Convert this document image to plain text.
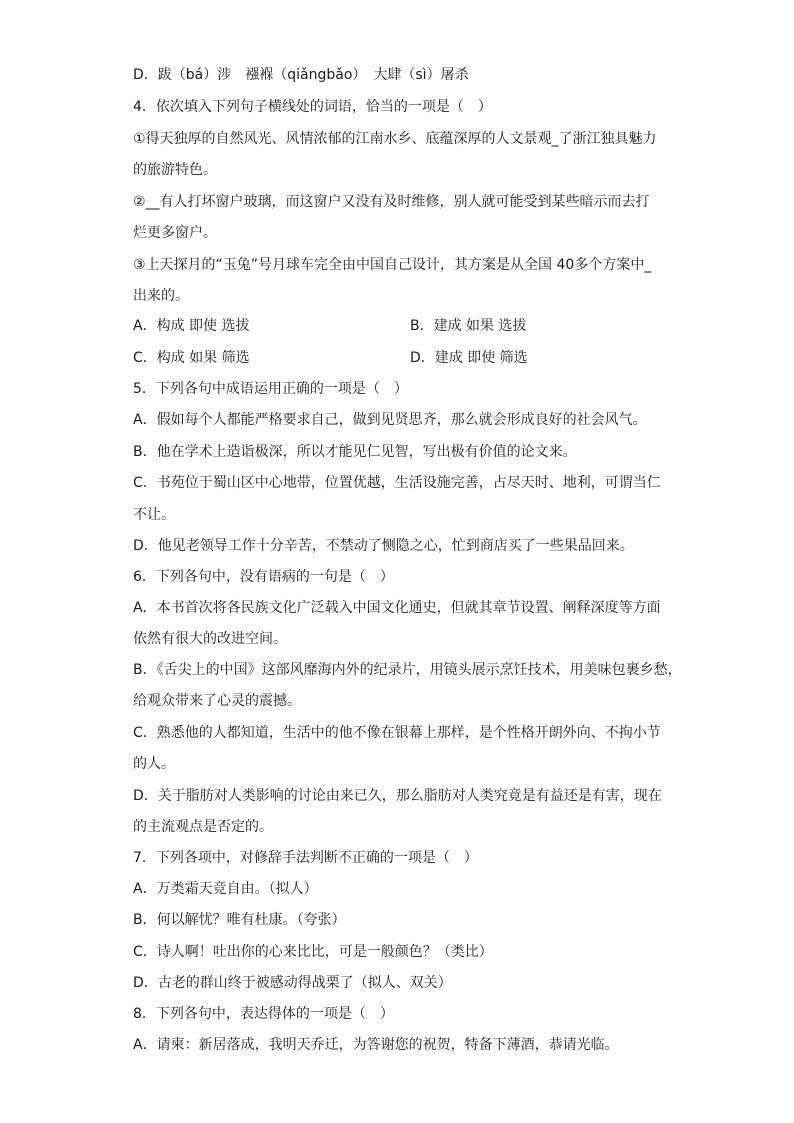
D．跋（bá）涉　襁褓（qiǎngbǎo）　大肆（sì）屠杀
4．依次填入下列句子横线处的词语，恰当的一项是（　）
①得天独厚的自然风光、风情浓郁的江南水乡、底蕴深厚的人文景观_了浙江独具魅力
的旅游特色。
②__有人打坏窗户玻璃，而这窗户又没有及时维修，别人就可能受到某些暗示而去打
烂更多窗户。
③上天探月的“玉兔”号月球车完全由中国自己设计，其方案是从全国 40多个方案中_
出来的。
A．构成 即使 选拔	B．建成 如果 选拔
C．构成 如果 筛选	D．建成 即使 筛选
5．下列各句中成语运用正确的一项是（　）
A．假如每个人都能严格要求自己，做到见贤思齐，那么就会形成良好的社会风气。
B．他在学术上造诣极深，所以才能见仁见智，写出极有价值的论文来。
C．书苑位于蜀山区中心地带，位置优越，生活设施完善，占尽天时、地利，可谓当仁
不让。
D．他见老领导工作十分辛苦，不禁动了恻隐之心，忙到商店买了一些果品回来。
6．下列各句中，没有语病的一句是（　）
A．本书首次将各民族文化广泛载入中国文化通史，但就其章节设置、阐释深度等方面
依然有很大的改进空间。
B．《舌尖上的中国》这部风靡海内外的纪录片，用镜头展示烹饪技术，用美味包裹乡愁，
给观众带来了心灵的震撼。
C．熟悉他的人都知道，生活中的他不像在银幕上那样，是个性格开朗外向、不拘小节
的人。
D．关于脂肪对人类影响的讨论由来已久，那么脂肪对人类究竟是有益还是有害，现在
的主流观点是否定的。
7．下列各项中，对修辞手法判断不正确的一项是（　）
A．万类霜天竞自由。（拟人）
B．何以解忧？唯有杜康。（夸张）
C．诗人啊！吐出你的心来比比，可是一般颜色？（类比）
D．古老的群山终于被感动得战栗了（拟人、双关）
8．下列各句中，表达得体的一项是（　）
A．请柬：新居落成，我明天乔迁，为答谢您的祝贺，特备下薄酒，恭请光临。
